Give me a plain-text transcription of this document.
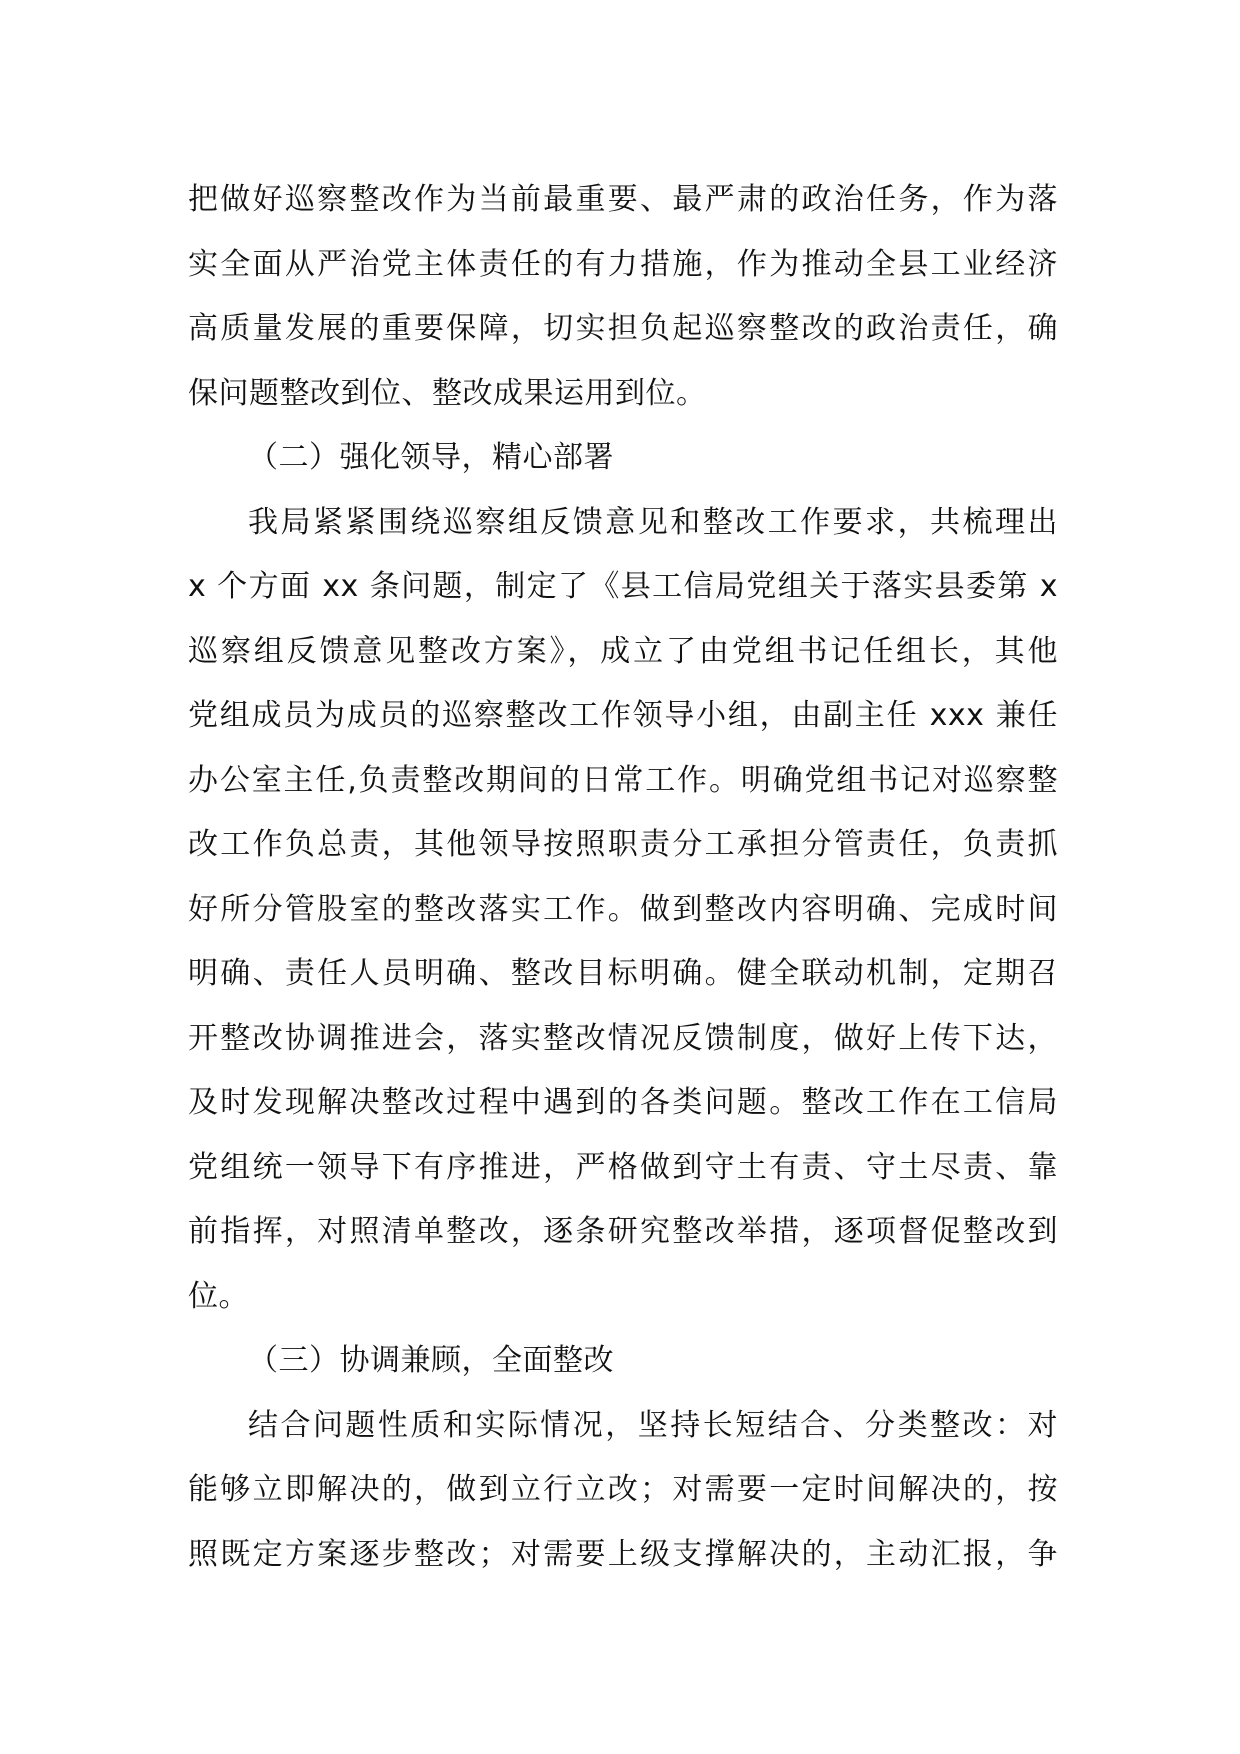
把做好巡察整改作为当前最重要、最严肃的政治任务，作为落
实全面从严治党主体责任的有力措施，作为推动全县工业经济
高质量发展的重要保障，切实担负起巡察整改的政治责任，确
保问题整改到位、整改成果运用到位。
（二）强化领导，精心部署
我局紧紧围绕巡察组反馈意见和整改工作要求，共梳理出
x 个方面 xx 条问题，制定了《县工信局党组关于落实县委第 x
巡察组反馈意见整改方案》，成立了由党组书记任组长，其他
党组成员为成员的巡察整改工作领导小组，由副主任 xxx 兼任
办公室主任,负责整改期间的日常工作。明确党组书记对巡察整
改工作负总责，其他领导按照职责分工承担分管责任，负责抓
好所分管股室的整改落实工作。做到整改内容明确、完成时间
明确、责任人员明确、整改目标明确。健全联动机制，定期召
开整改协调推进会，落实整改情况反馈制度，做好上传下达，
及时发现解决整改过程中遇到的各类问题。整改工作在工信局
党组统一领导下有序推进，严格做到守土有责、守土尽责、靠
前指挥，对照清单整改，逐条研究整改举措，逐项督促整改到
位。
（三）协调兼顾，全面整改
结合问题性质和实际情况，坚持长短结合、分类整改：对
能够立即解决的，做到立行立改；对需要一定时间解决的，按
照既定方案逐步整改；对需要上级支撑解决的，主动汇报，争
